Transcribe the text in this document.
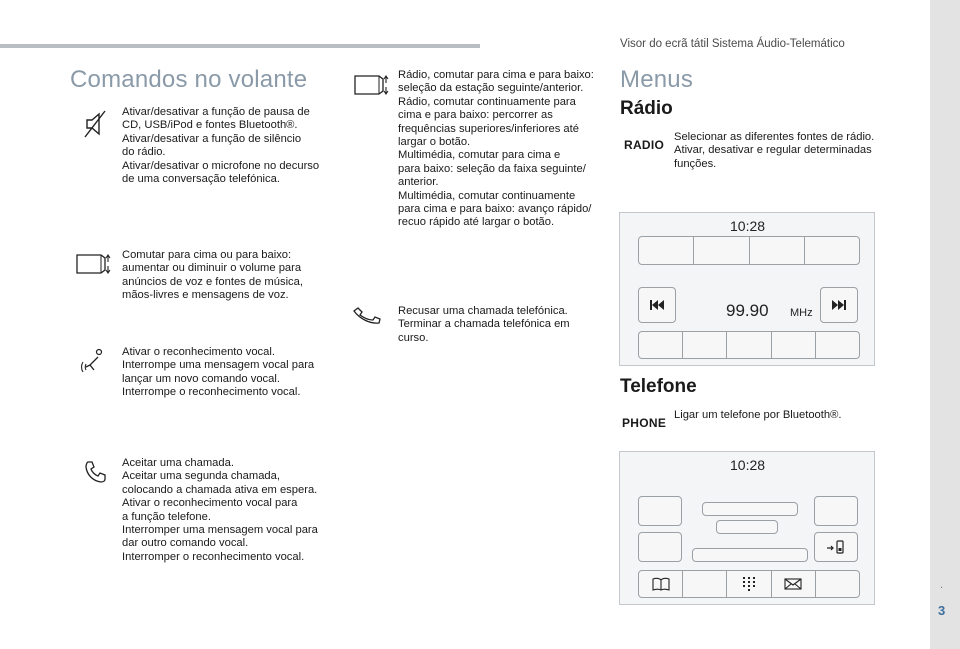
Visor do ecrã tátil Sistema Áudio-Telemático
Comandos no volante
Ativar/desativar a função de pausa de
CD, USB/iPod e fontes Bluetooth®.
Ativar/desativar a função de silêncio
do rádio.
Ativar/desativar o microfone no decurso
de uma conversação telefónica.
Comutar para cima ou para baixo:
aumentar ou diminuir o volume para
anúncios de voz e fontes de música,
mãos-livres e mensagens de voz.
Ativar o reconhecimento vocal.
Interrompe uma mensagem vocal para
lançar um novo comando vocal.
Interrompe o reconhecimento vocal.
Aceitar uma chamada.
Aceitar uma segunda chamada,
colocando a chamada ativa em espera.
Ativar o reconhecimento vocal para
a função telefone.
Interromper uma mensagem vocal para
dar outro comando vocal.
Interromper o reconhecimento vocal.
Rádio, comutar para cima e para baixo:
seleção da estação seguinte/anterior.
Rádio, comutar continuamente para
cima e para baixo: percorrer as
frequências superiores/inferiores até
largar o botão.
Multimédia, comutar para cima e
para baixo: seleção da faixa seguinte/
anterior.
Multimédia, comutar continuamente
para cima e para baixo: avanço rápido/
recuo rápido até largar o botão.
Recusar uma chamada telefónica.
Terminar a chamada telefónica em
curso.
Menus
Rádio
RADIO
Selecionar as diferentes fontes de rádio.
Ativar, desativar e regular determinadas
funções.
10:28
99.90 MHz
Telefone
PHONE
Ligar um telefone por Bluetooth®.
10:28
.
3
